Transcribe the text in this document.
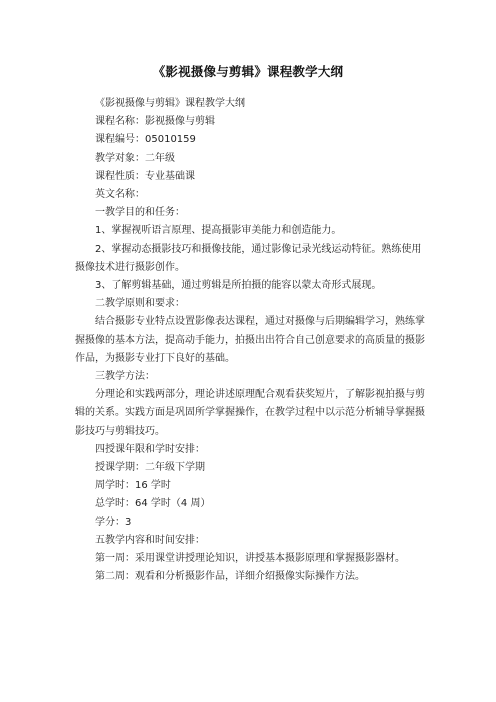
《影视摄像与剪辑》课程教学大纲

《影视摄像与剪辑》课程教学大纲

课程名称：影视摄像与剪辑

课程编号：05010159

教学对象：二年级

课程性质：专业基础课

英文名称：

一教学目的和任务：

1、掌握视听语言原理、提高摄影审美能力和创造能力。

2、掌握动态摄影技巧和摄像技能，通过影像记录光线运动特征。熟练使用摄像技术进行摄影创作。

3、了解剪辑基础，通过剪辑是所拍摄的能容以蒙太奇形式展现。

二教学原则和要求：

结合摄影专业特点设置影像表达课程，通过对摄像与后期编辑学习，熟练掌握摄像的基本方法，提高动手能力，拍摄出出符合自己创意要求的高质量的摄影作品，为摄影专业打下良好的基础。

三教学方法：

分理论和实践两部分，理论讲述原理配合观看获奖短片，了解影视拍摄与剪辑的关系。实践方面是巩固所学掌握操作，在教学过程中以示范分析辅导掌握摄影技巧与剪辑技巧。

四授课年限和学时安排：

授课学期：二年级下学期

周学时：16 学时

总学时：64 学时（4 周）

学分：3

五教学内容和时间安排：

第一周：采用课堂讲授理论知识，讲授基本摄影原理和掌握摄影器材。

第二周：观看和分析摄影作品，详细介绍摄像实际操作方法。
